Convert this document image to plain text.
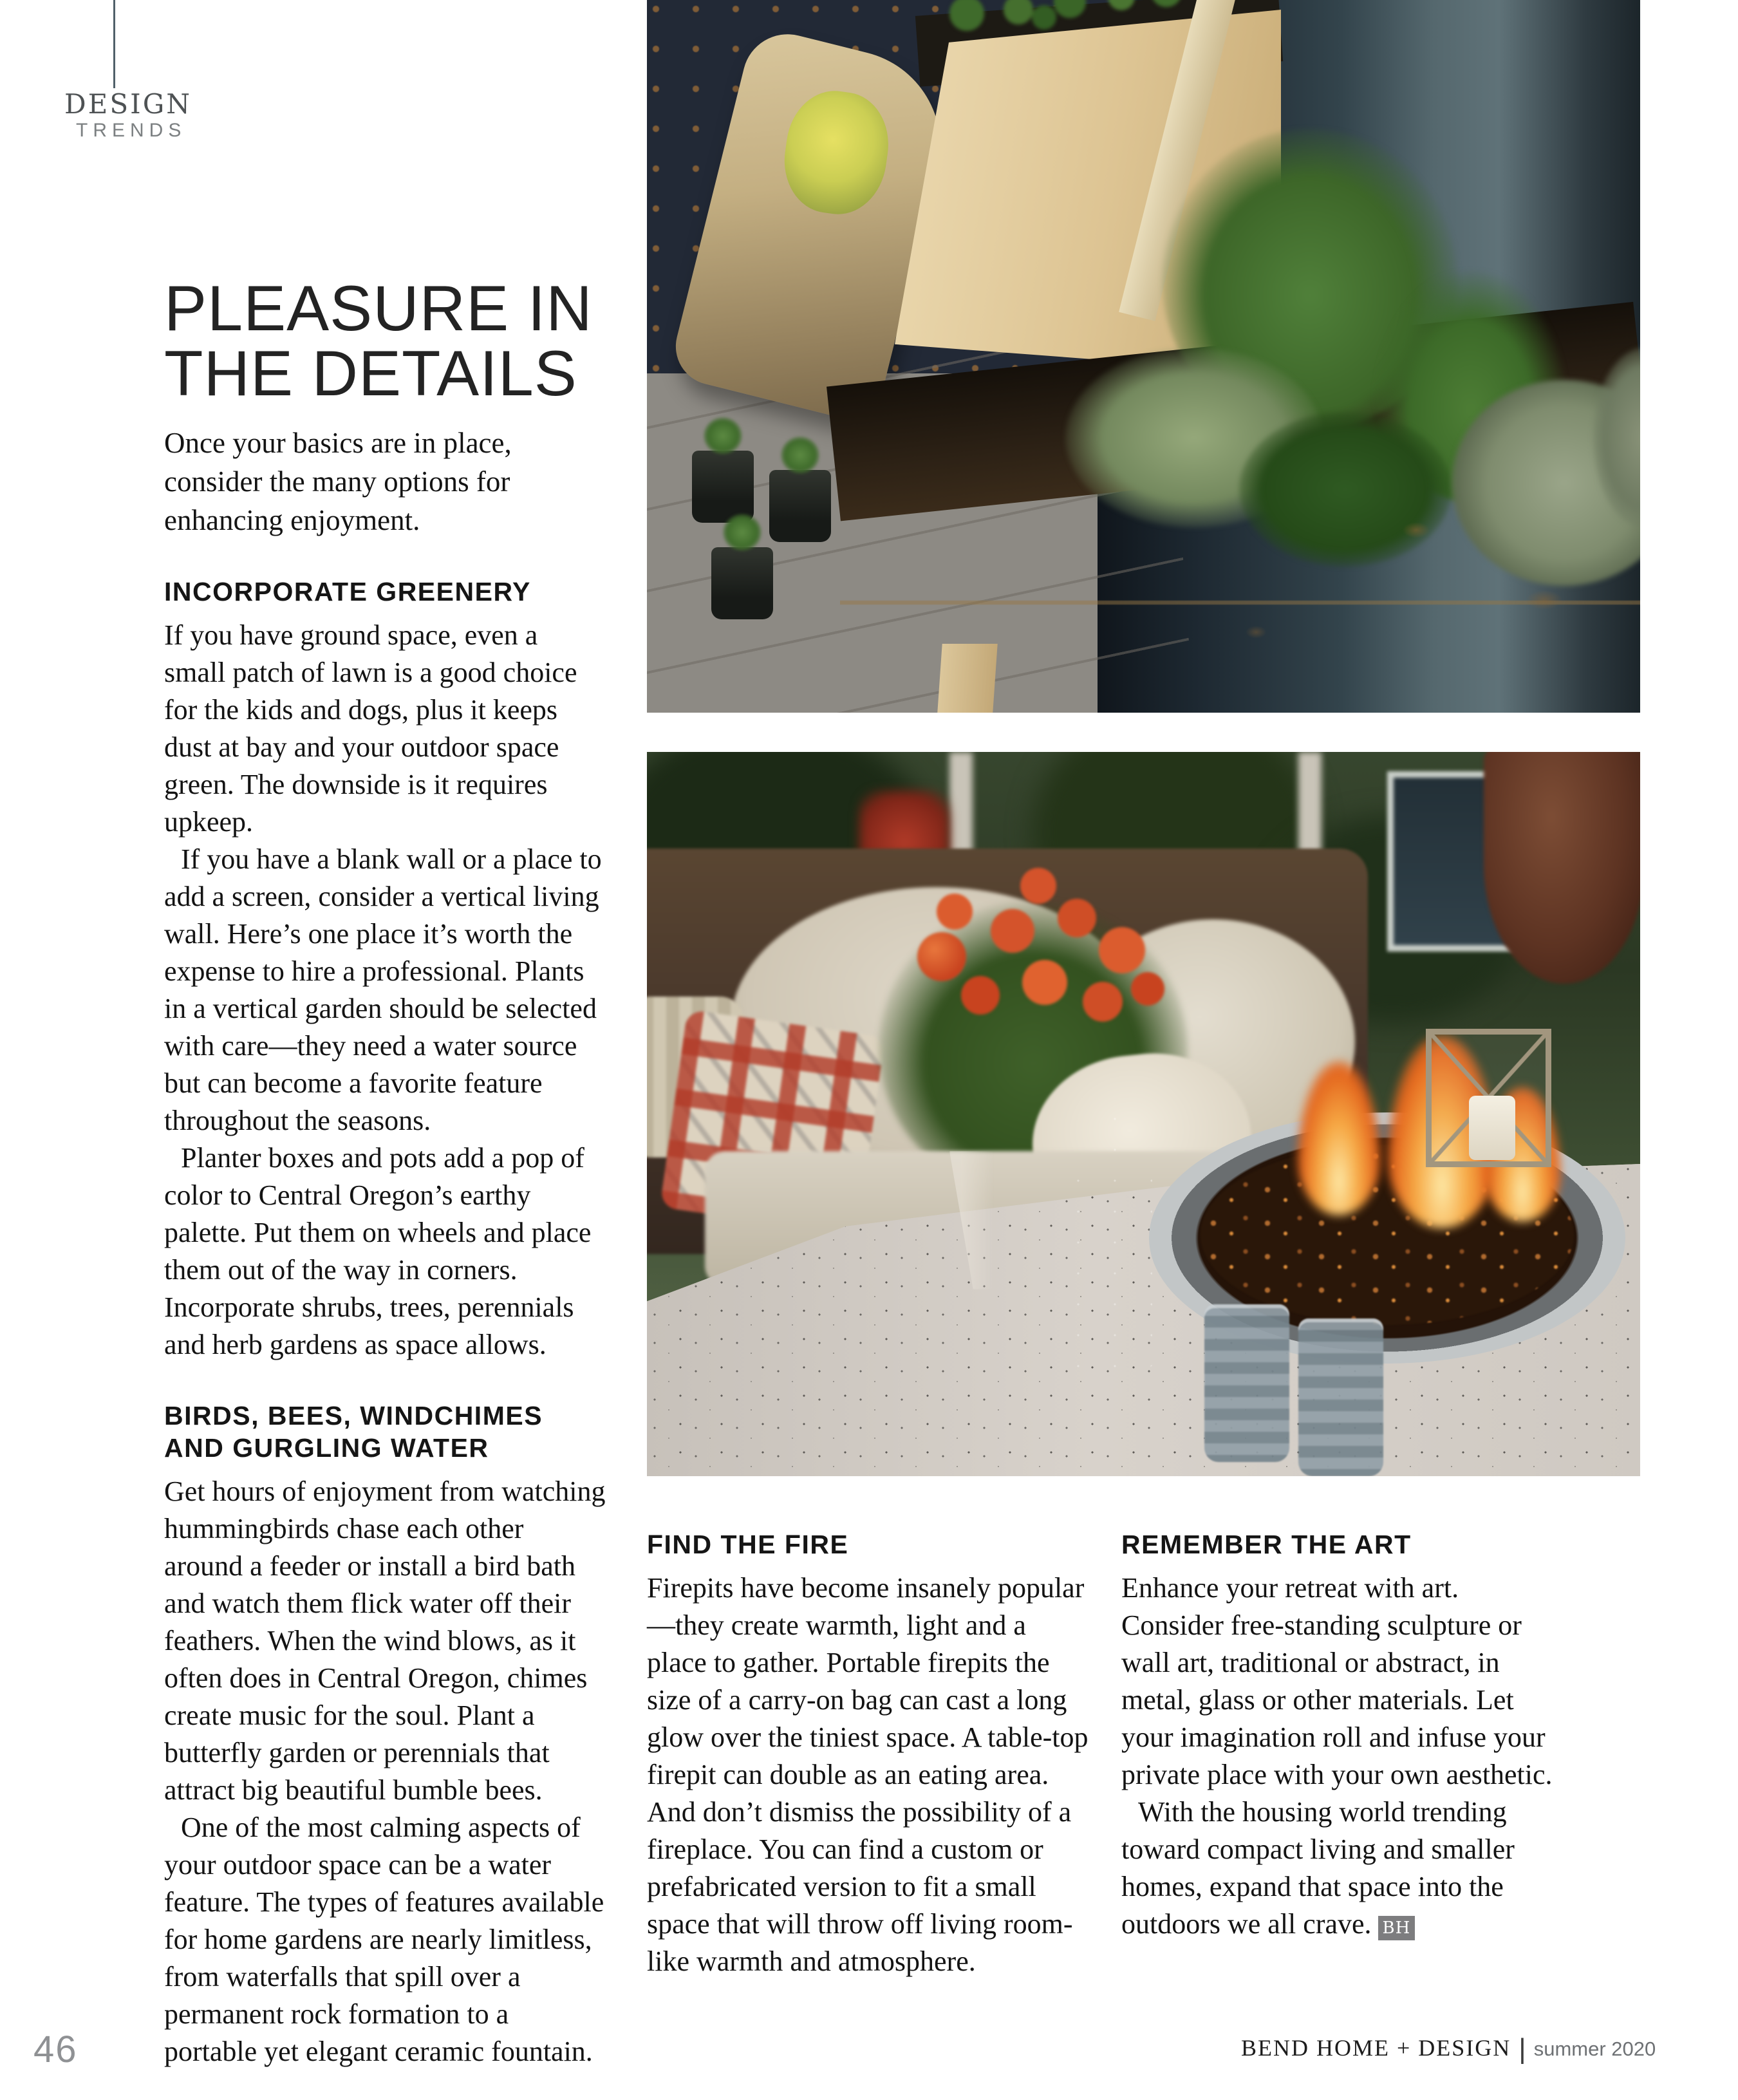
DESIGN
TRENDS
PLEASURE IN
THE DETAILS

Once your basics are in place, consider the many options for enhancing enjoyment.

INCORPORATE GREENERY

If you have ground space, even a small patch of lawn is a good choice for the kids and dogs, plus it keeps dust at bay and your outdoor space green. The downside is it requires upkeep.

If you have a blank wall or a place to add a screen, consider a vertical living wall. Here’s one place it’s worth the expense to hire a professional. Plants in a vertical garden should be selected with care—they need a water source but can become a favorite feature throughout the seasons.

Planter boxes and pots add a pop of color to Central Oregon’s earthy palette. Put them on wheels and place them out of the way in corners. Incorporate shrubs, trees, perennials and herb gardens as space allows.

BIRDS, BEES, WINDCHIMES AND GURGLING WATER

Get hours of enjoyment from watching hummingbirds chase each other around a feeder or install a bird bath and watch them flick water off their feathers. When the wind blows, as it often does in Central Oregon, chimes create music for the soul. Plant a butterfly garden or perennials that attract big beautiful bumble bees.

One of the most calming aspects of your outdoor space can be a water feature. The types of features available for home gardens are nearly limitless, from waterfalls that spill over a permanent rock formation to a portable yet elegant ceramic fountain.

FIND THE FIRE

Firepits have become insanely popular—they create warmth, light and a place to gather. Portable firepits the size of a carry-on bag can cast a long glow over the tiniest space. A table-top firepit can double as an eating area. And don’t dismiss the possibility of a fireplace. You can find a custom or prefabricated version to fit a small space that will throw off living room-like warmth and atmosphere.

REMEMBER THE ART

Enhance your retreat with art. Consider free-standing sculpture or wall art, traditional or abstract, in metal, glass or other materials. Let your imagination roll and infuse your private place with your own aesthetic.

With the housing world trending toward compact living and smaller homes, expand that space into the outdoors we all crave. BH

46	BEND HOME + DESIGN | summer 2020
